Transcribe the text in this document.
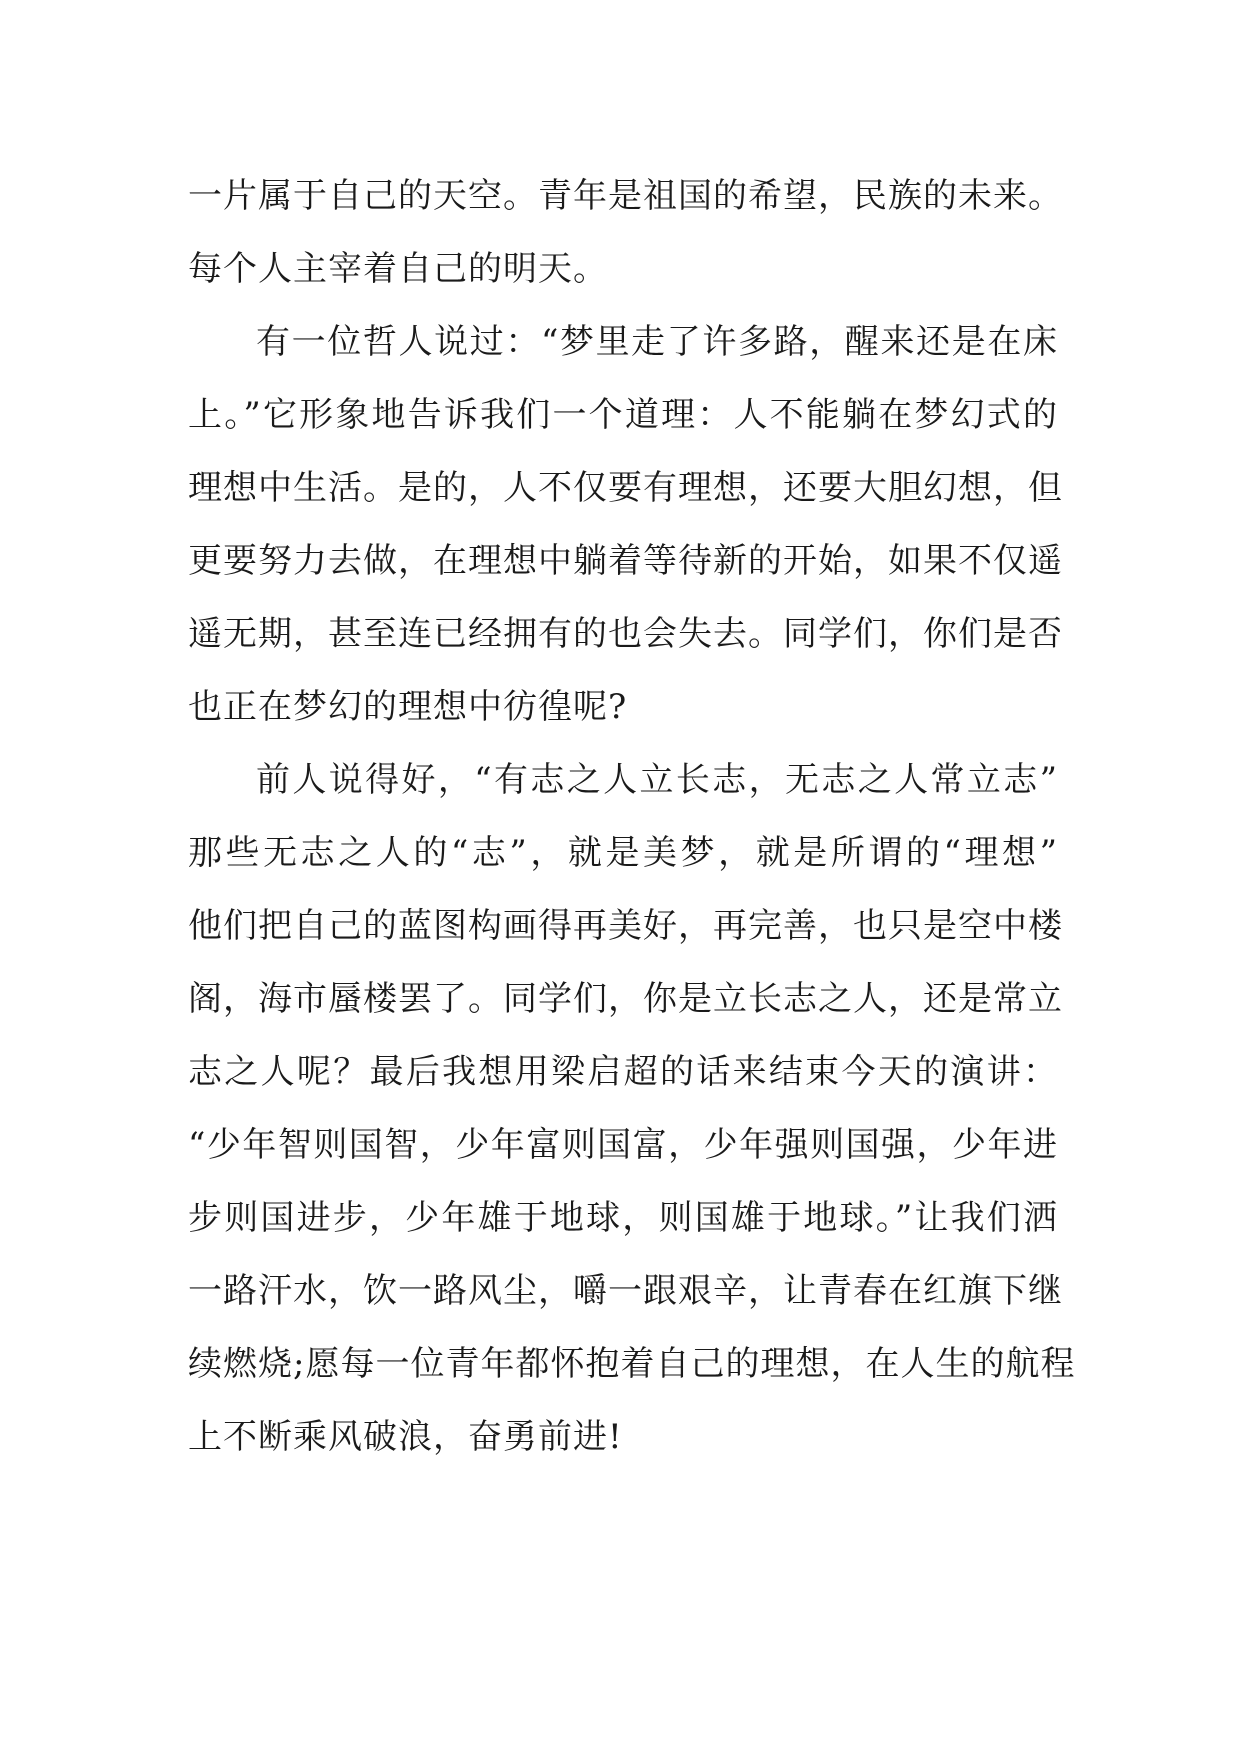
一片属于自己的天空。青年是祖国的希望，民族的未来。
每个人主宰着自己的明天。
有一位哲人说过：“梦里走了许多路，醒来还是在床
上。”它形象地告诉我们一个道理：人不能躺在梦幻式的
理想中生活。是的，人不仅要有理想，还要大胆幻想，但
更要努力去做，在理想中躺着等待新的开始，如果不仅遥
遥无期，甚至连已经拥有的也会失去。同学们，你们是否
也正在梦幻的理想中彷徨呢?
前人说得好，“有志之人立长志，无志之人常立志”
那些无志之人的“志”，就是美梦，就是所谓的“理想”
他们把自己的蓝图构画得再美好，再完善，也只是空中楼
阁，海市蜃楼罢了。同学们，你是立长志之人，还是常立
志之人呢？最后我想用梁启超的话来结束今天的演讲：
“少年智则国智，少年富则国富，少年强则国强，少年进
步则国进步，少年雄于地球，则国雄于地球。”让我们洒
一路汗水，饮一路风尘，嚼一跟艰辛，让青春在红旗下继
续燃烧;愿每一位青年都怀抱着自己的理想，在人生的航程
上不断乘风破浪，奋勇前进!
